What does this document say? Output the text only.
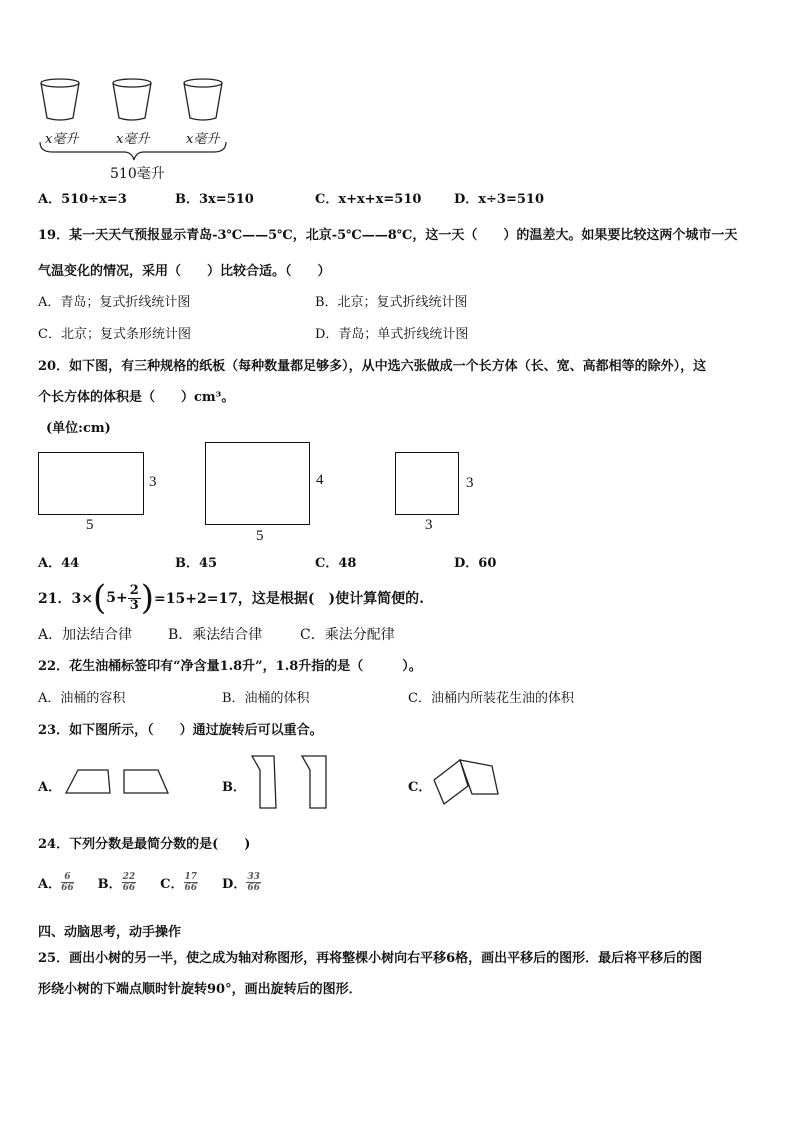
x毫升	x毫升	x毫升
510毫升
A．510÷x=3	B．3x=510	C．x+x+x=510	D．x÷3=510
19．某一天天气预报显示青岛-3℃——5℃，北京-5℃——8℃，这一天（　　）的温差大。如果要比较这两个城市一天
气温变化的情况，采用（　　）比较合适。（　　）
A．青岛；复式折线统计图	B．北京；复式折线统计图
C．北京；复式条形统计图	D．青岛；单式折线统计图
20．如下图，有三种规格的纸板（每种数量都足够多），从中选六张做成一个长方体（长、宽、高都相等的除外），这
个长方体的体积是（　　）cm³。
(单位:cm)
3
5
4
5
3
3
A．44	B．45	C．48	D．60
21．3× ( $5+ \frac{2}{3}$ ) =15+2=17，这是根据(　)使计算简便的.
A．加法结合律	B．乘法结合律	C．乘法分配律
22．花生油桶标签印有“净含量1.8升”，1.8升指的是（　　　）。
A．油桶的容积	B．油桶的体积	C．油桶内所装花生油的体积
23．如下图所示，（　　）通过旋转后可以重合。
A．	B．	C．
24．下列分数是最简分数的是(　　)
A． $\frac{6}{66}$ B． $\frac{22}{66}$ C． $\frac{17}{66}$ D． $\frac{33}{66}$
四、动脑思考，动手操作
25．画出小树的另一半，使之成为轴对称图形，再将整棵小树向右平移6格，画出平移后的图形．最后将平移后的图
形绕小树的下端点顺时针旋转90°，画出旋转后的图形．
